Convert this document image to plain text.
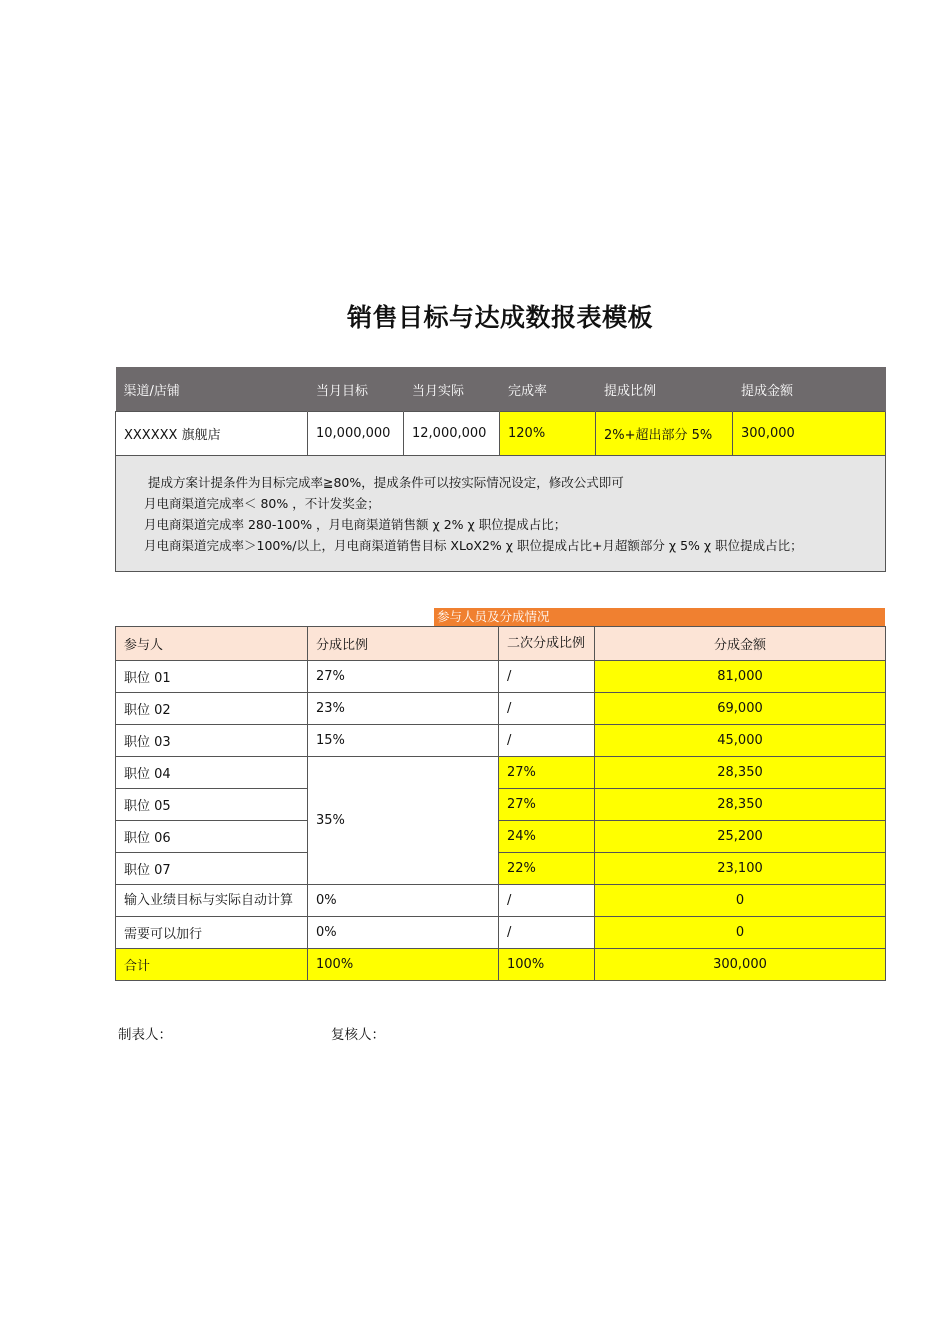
销售目标与达成数报表模板
渠道/店铺	当月目标	当月实际	完成率	提成比例	提成金额
XXXXXX 旗舰店	10,000,000	12,000,000	120%	2%+超出部分 5%	300,000

提成方案计提条件为目标完成率≧80%，提成条件可以按实际情况设定，修改公式即可
月电商渠道完成率＜ 80% ，不计发奖金；
月电商渠道完成率 280-100% ，月电商渠道销售额 χ 2% χ 职位提成占比；
月电商渠道完成率＞100%/以上，月电商渠道销售目标 XLoX2% χ 职位提成占比+月超额部分 χ 5% χ 职位提成占比；					
参与人员及分成情况
参与人	分成比例	二次分成比例	分成金额
职位 01	27%	/	81,000
职位 02	23%	/	69,000
职位 03	15%	/	45,000
职位 04	35%	27%	28,350
职位 05		27%	28,350
职位 06		24%	25,200
职位 07		22%	23,100
输入业绩目标与实际自动计算	0%	/	0
需要可以加行	0%	/	0
合计	100%	100%	300,000
制表人：	复核人：
